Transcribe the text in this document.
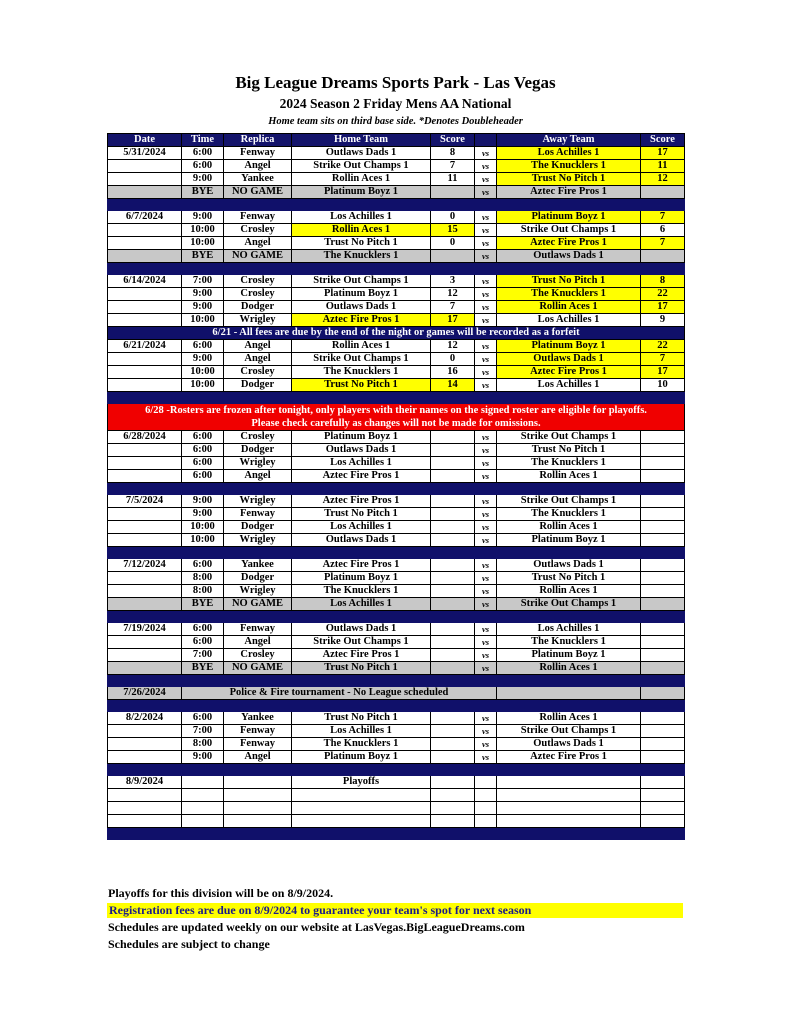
Big League Dreams Sports Park - Las Vegas
2024 Season 2 Friday Mens AA National
Home team sits on third base side. *Denotes Doubleheader
Date	Time	Replica	Home Team	Score		Away Team	Score
5/31/2024	6:00	Fenway	Outlaws Dads 1	8	vs	Los Achilles 1	17
	6:00	Angel	Strike Out Champs 1	7	vs	The Knucklers 1	11
	9:00	Yankee	Rollin Aces 1	11	vs	Trust No Pitch 1	12
	BYE	NO GAME	Platinum Boyz 1		vs	Aztec Fire Pros 1	

6/7/2024	9:00	Fenway	Los Achilles 1	0	vs	Platinum Boyz 1	7
	10:00	Crosley	Rollin Aces 1	15	vs	Strike Out Champs 1	6
	10:00	Angel	Trust No Pitch 1	0	vs	Aztec Fire Pros 1	7
	BYE	NO GAME	The Knucklers 1		vs	Outlaws Dads 1	

6/14/2024	7:00	Crosley	Strike Out Champs 1	3	vs	Trust No Pitch 1	8
	9:00	Crosley	Platinum Boyz 1	12	vs	The Knucklers 1	22
	9:00	Dodger	Outlaws Dads 1	7	vs	Rollin Aces 1	17
	10:00	Wrigley	Aztec Fire Pros 1	17	vs	Los Achilles 1	9
6/21 - All fees are due by the end of the night or games will be recorded as a forfeit							
6/21/2024	6:00	Angel	Rollin Aces 1	12	vs	Platinum Boyz 1	22
	9:00	Angel	Strike Out Champs 1	0	vs	Outlaws Dads 1	7
	10:00	Crosley	The Knucklers 1	16	vs	Aztec Fire Pros 1	17
	10:00	Dodger	Trust No Pitch 1	14	vs	Los Achilles 1	10

6/28 -Rosters are frozen after tonight, only players with their names on the signed roster are eligible for playoffs.
Please check carefully as changes will not be made for omissions.							

6/28/2024	6:00	Crosley	Platinum Boyz 1		vs	Strike Out Champs 1	
	6:00	Dodger	Outlaws Dads 1		vs	Trust No Pitch 1	
	6:00	Wrigley	Los Achilles 1		vs	The Knucklers 1	
	6:00	Angel	Aztec Fire Pros 1		vs	Rollin Aces 1	

7/5/2024	9:00	Wrigley	Aztec Fire Pros 1		vs	Strike Out Champs 1	
	9:00	Fenway	Trust No Pitch 1		vs	The Knucklers 1	
	10:00	Dodger	Los Achilles 1		vs	Rollin Aces 1	
	10:00	Wrigley	Outlaws Dads 1		vs	Platinum Boyz 1	

7/12/2024	6:00	Yankee	Aztec Fire Pros 1		vs	Outlaws Dads 1	
	8:00	Dodger	Platinum Boyz 1		vs	Trust No Pitch 1	
	8:00	Wrigley	The Knucklers 1		vs	Rollin Aces 1	
	BYE	NO GAME	Los Achilles 1		vs	Strike Out Champs 1	

7/19/2024	6:00	Fenway	Outlaws Dads 1		vs	Los Achilles 1	
	6:00	Angel	Strike Out Champs 1		vs	The Knucklers 1	
	7:00	Crosley	Aztec Fire Pros 1		vs	Platinum Boyz 1	
	BYE	NO GAME	Trust No Pitch 1		vs	Rollin Aces 1	

7/26/2024	Police & Fire tournament - No League scheduled						

8/2/2024	6:00	Yankee	Trust No Pitch 1		vs	Rollin Aces 1	
	7:00	Fenway	Los Achilles 1		vs	Strike Out Champs 1	
	8:00	Fenway	The Knucklers 1		vs	Outlaws Dads 1	
	9:00	Angel	Platinum Boyz 1		vs	Aztec Fire Pros 1	

8/9/2024			Playoffs				

Playoffs for this division will be on 8/9/2024.
Registration fees are due on 8/9/2024 to guarantee your team's spot for next season
Schedules are updated weekly on our website at LasVegas.BigLeagueDreams.com
Schedules are subject to change
